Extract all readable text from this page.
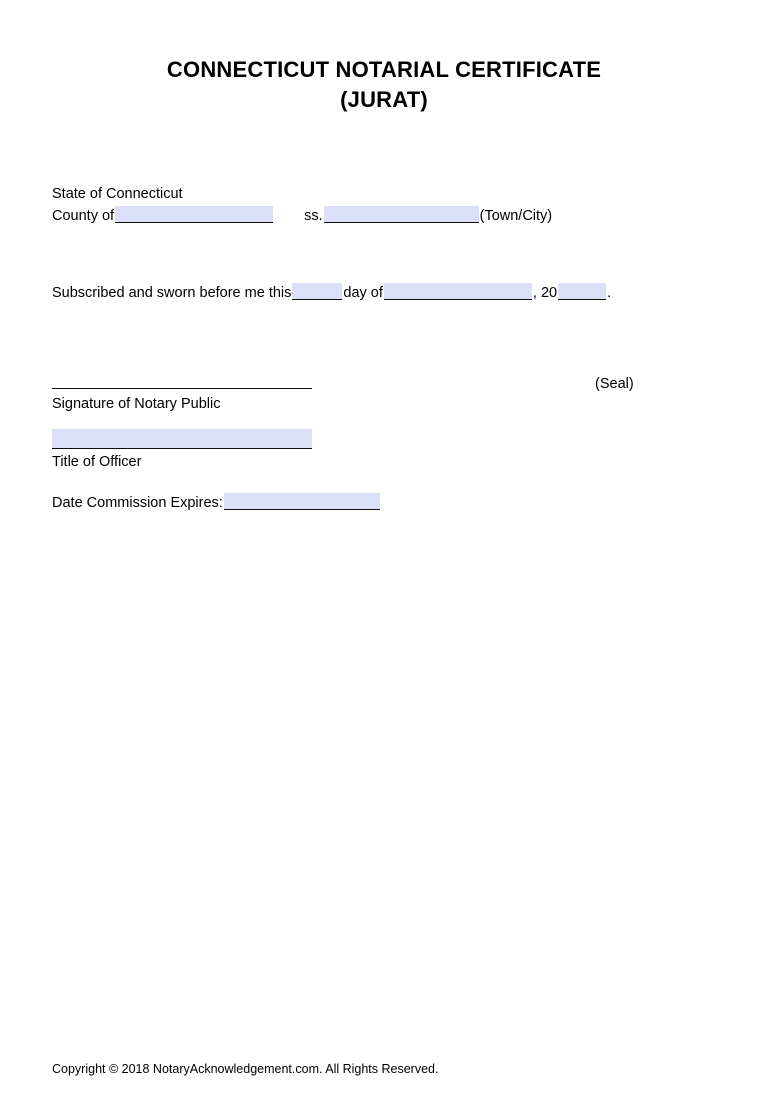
CONNECTICUT NOTARIAL CERTIFICATE
(JURAT)
State of Connecticut
County of	ss.	(Town/City)
Subscribed and sworn before me this	day of	, 20	.
Signature of Notary Public
Title of Officer
Date Commission Expires:
(Seal)
Copyright © 2018 NotaryAcknowledgement.com. All Rights Reserved.
